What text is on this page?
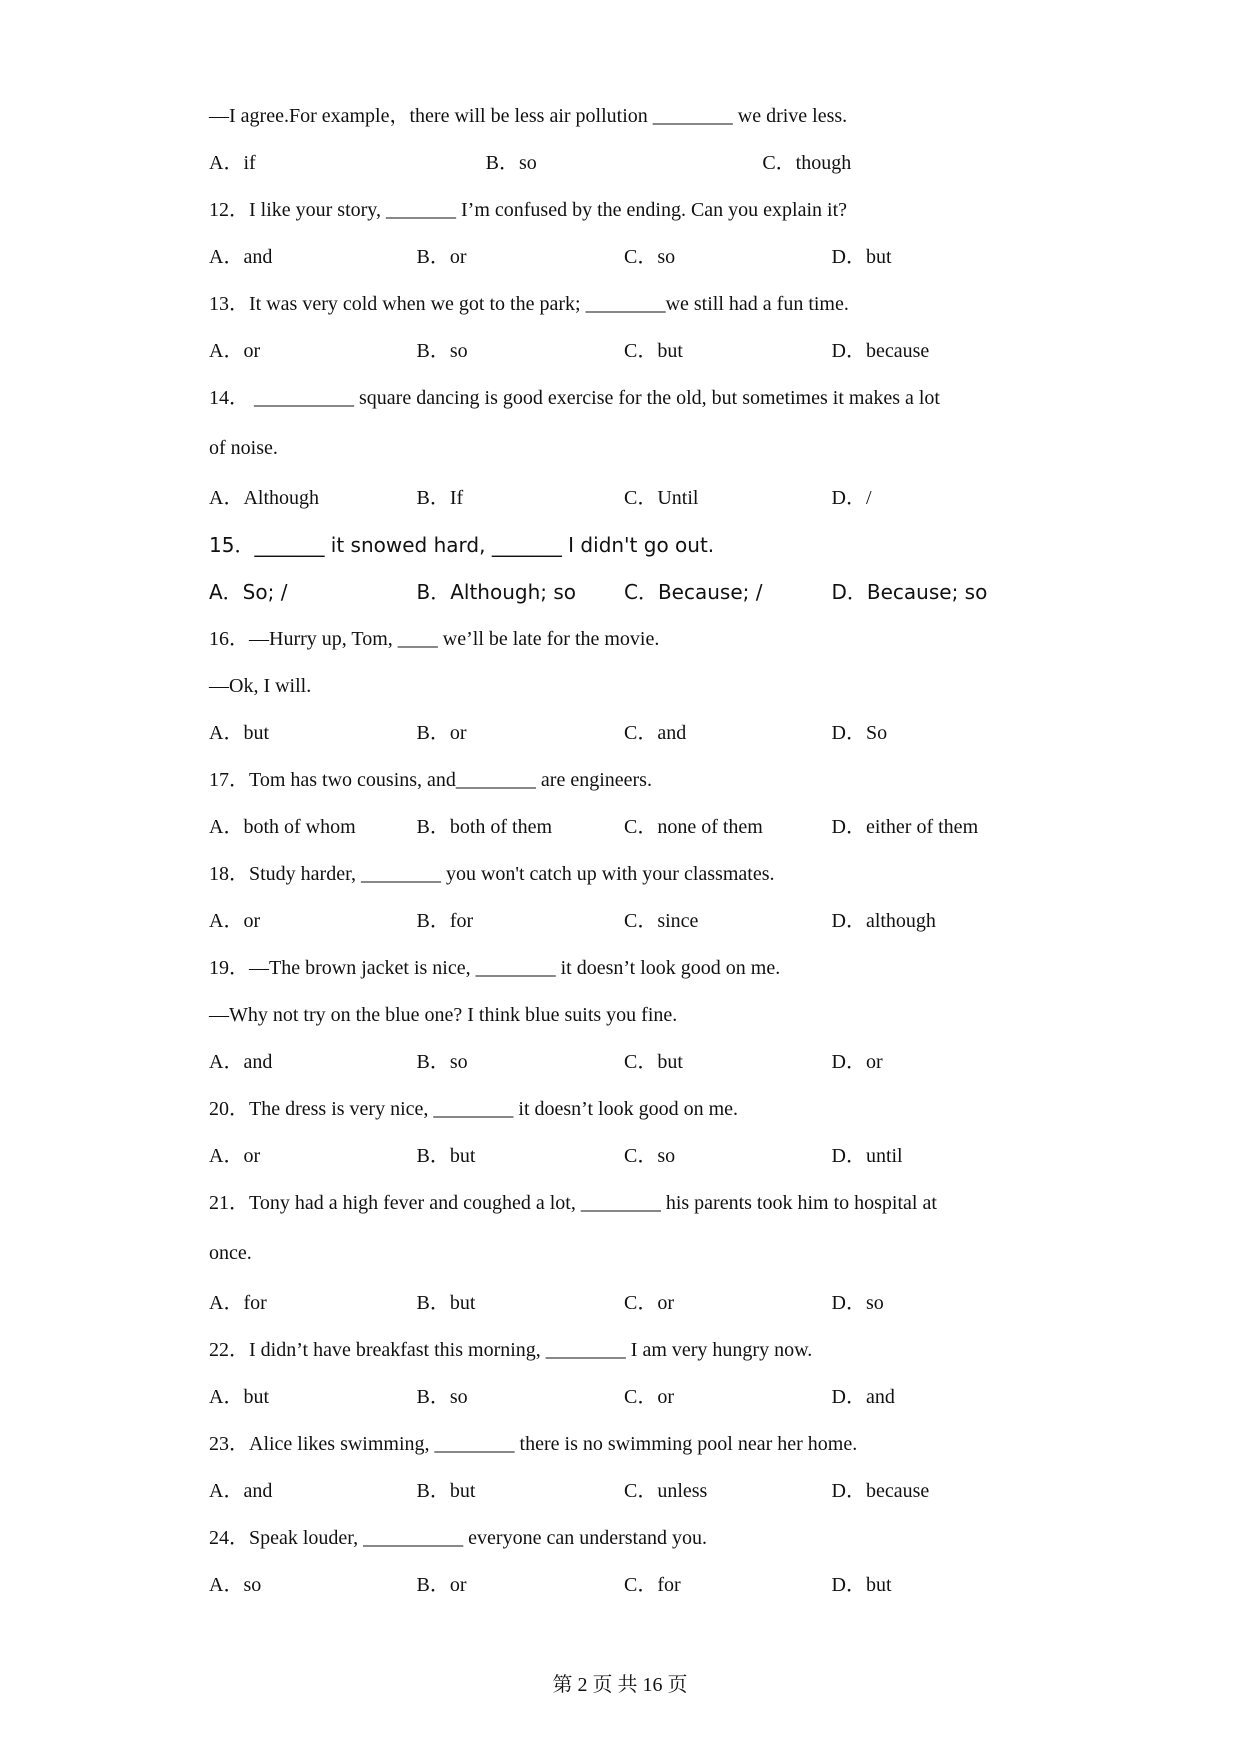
—I agree.For example，there will be less air pollution ________ we drive less.
A．if	B．so	C．though
12．I like your story, _______ I’m confused by the ending. Can you explain it?
A．and	B．or	C．so	D．but
13．It was very cold when we got to the park; ________we still had a fun time.
A．or	B．so	C．but	D．because
14． __________ square dancing is good exercise for the old, but sometimes it makes a lot
of noise.
A．Although	B．If	C．Until	D．/
15．_______ it snowed hard, _______ I didn't go out.
A．So; /	B．Although; so	C．Because; /	D．Because; so
16．—Hurry up, Tom, ____ we’ll be late for the movie.
—Ok, I will.
A．but	B．or	C．and	D．So
17．Tom has two cousins, and________ are engineers.
A．both of whom	B．both of them	C．none of them	D．either of them
18．Study harder, ________ you won't catch up with your classmates.
A．or	B．for	C．since	D．although
19．—The brown jacket is nice, ________ it doesn’t look good on me.
—Why not try on the blue one? I think blue suits you fine.
A．and	B．so	C．but	D．or
20．The dress is very nice, ________ it doesn’t look good on me.
A．or	B．but	C．so	D．until
21．Tony had a high fever and coughed a lot, ________ his parents took him to hospital at
once.
A．for	B．but	C．or	D．so
22．I didn’t have breakfast this morning, ________ I am very hungry now.
A．but	B．so	C．or	D．and
23．Alice likes swimming, ________ there is no swimming pool near her home.
A．and	B．but	C．unless	D．because
24．Speak louder, __________ everyone can understand you.
A．so	B．or	C．for	D．but
第 2 页 共 16 页
